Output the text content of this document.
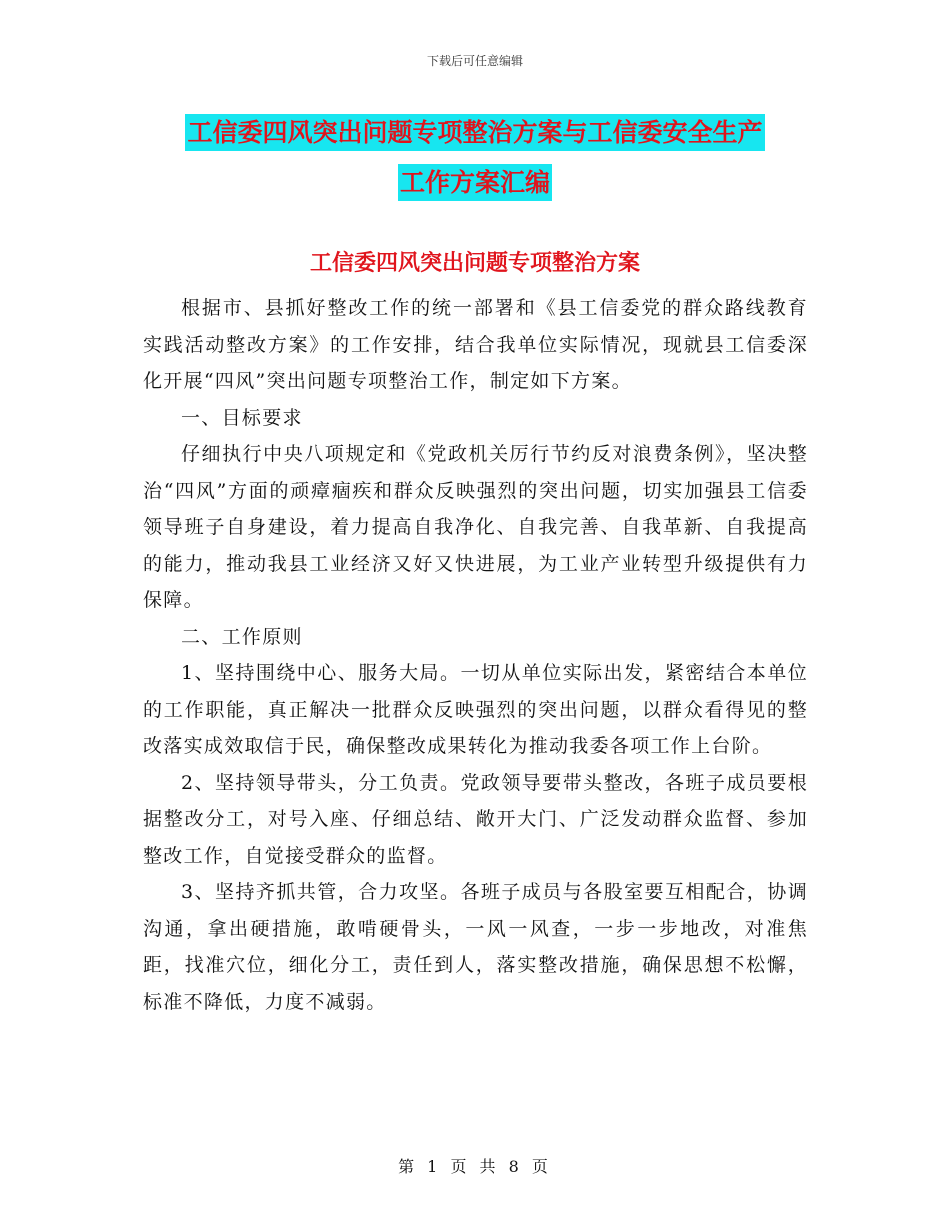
下载后可任意编辑
工信委四风突出问题专项整治方案与工信委安全生产
工作方案汇编
工信委四风突出问题专项整治方案

根据市、县抓好整改工作的统一部署和《县工信委党的群众路线教育实践活动整改方案》的工作安排，结合我单位实际情况，现就县工信委深化开展“四风”突出问题专项整治工作，制定如下方案。

一、目标要求

仔细执行中央八项规定和《党政机关厉行节约反对浪费条例》，坚决整治“四风”方面的顽瘴痼疾和群众反映强烈的突出问题，切实加强县工信委领导班子自身建设，着力提高自我净化、自我完善、自我革新、自我提高的能力，推动我县工业经济又好又快进展，为工业产业转型升级提供有力保障。

二、工作原则

1、坚持围绕中心、服务大局。一切从单位实际出发，紧密结合本单位的工作职能，真正解决一批群众反映强烈的突出问题，以群众看得见的整改落实成效取信于民，确保整改成果转化为推动我委各项工作上台阶。

2、坚持领导带头，分工负责。党政领导要带头整改，各班子成员要根据整改分工，对号入座、仔细总结、敞开大门、广泛发动群众监督、参加整改工作，自觉接受群众的监督。

3、坚持齐抓共管，合力攻坚。各班子成员与各股室要互相配合，协调沟通，拿出硬措施，敢啃硬骨头，一风一风查，一步一步地改，对准焦距，找准穴位，细化分工，责任到人，落实整改措施，确保思想不松懈，标准不降低，力度不减弱。

第 1 页 共 8 页
